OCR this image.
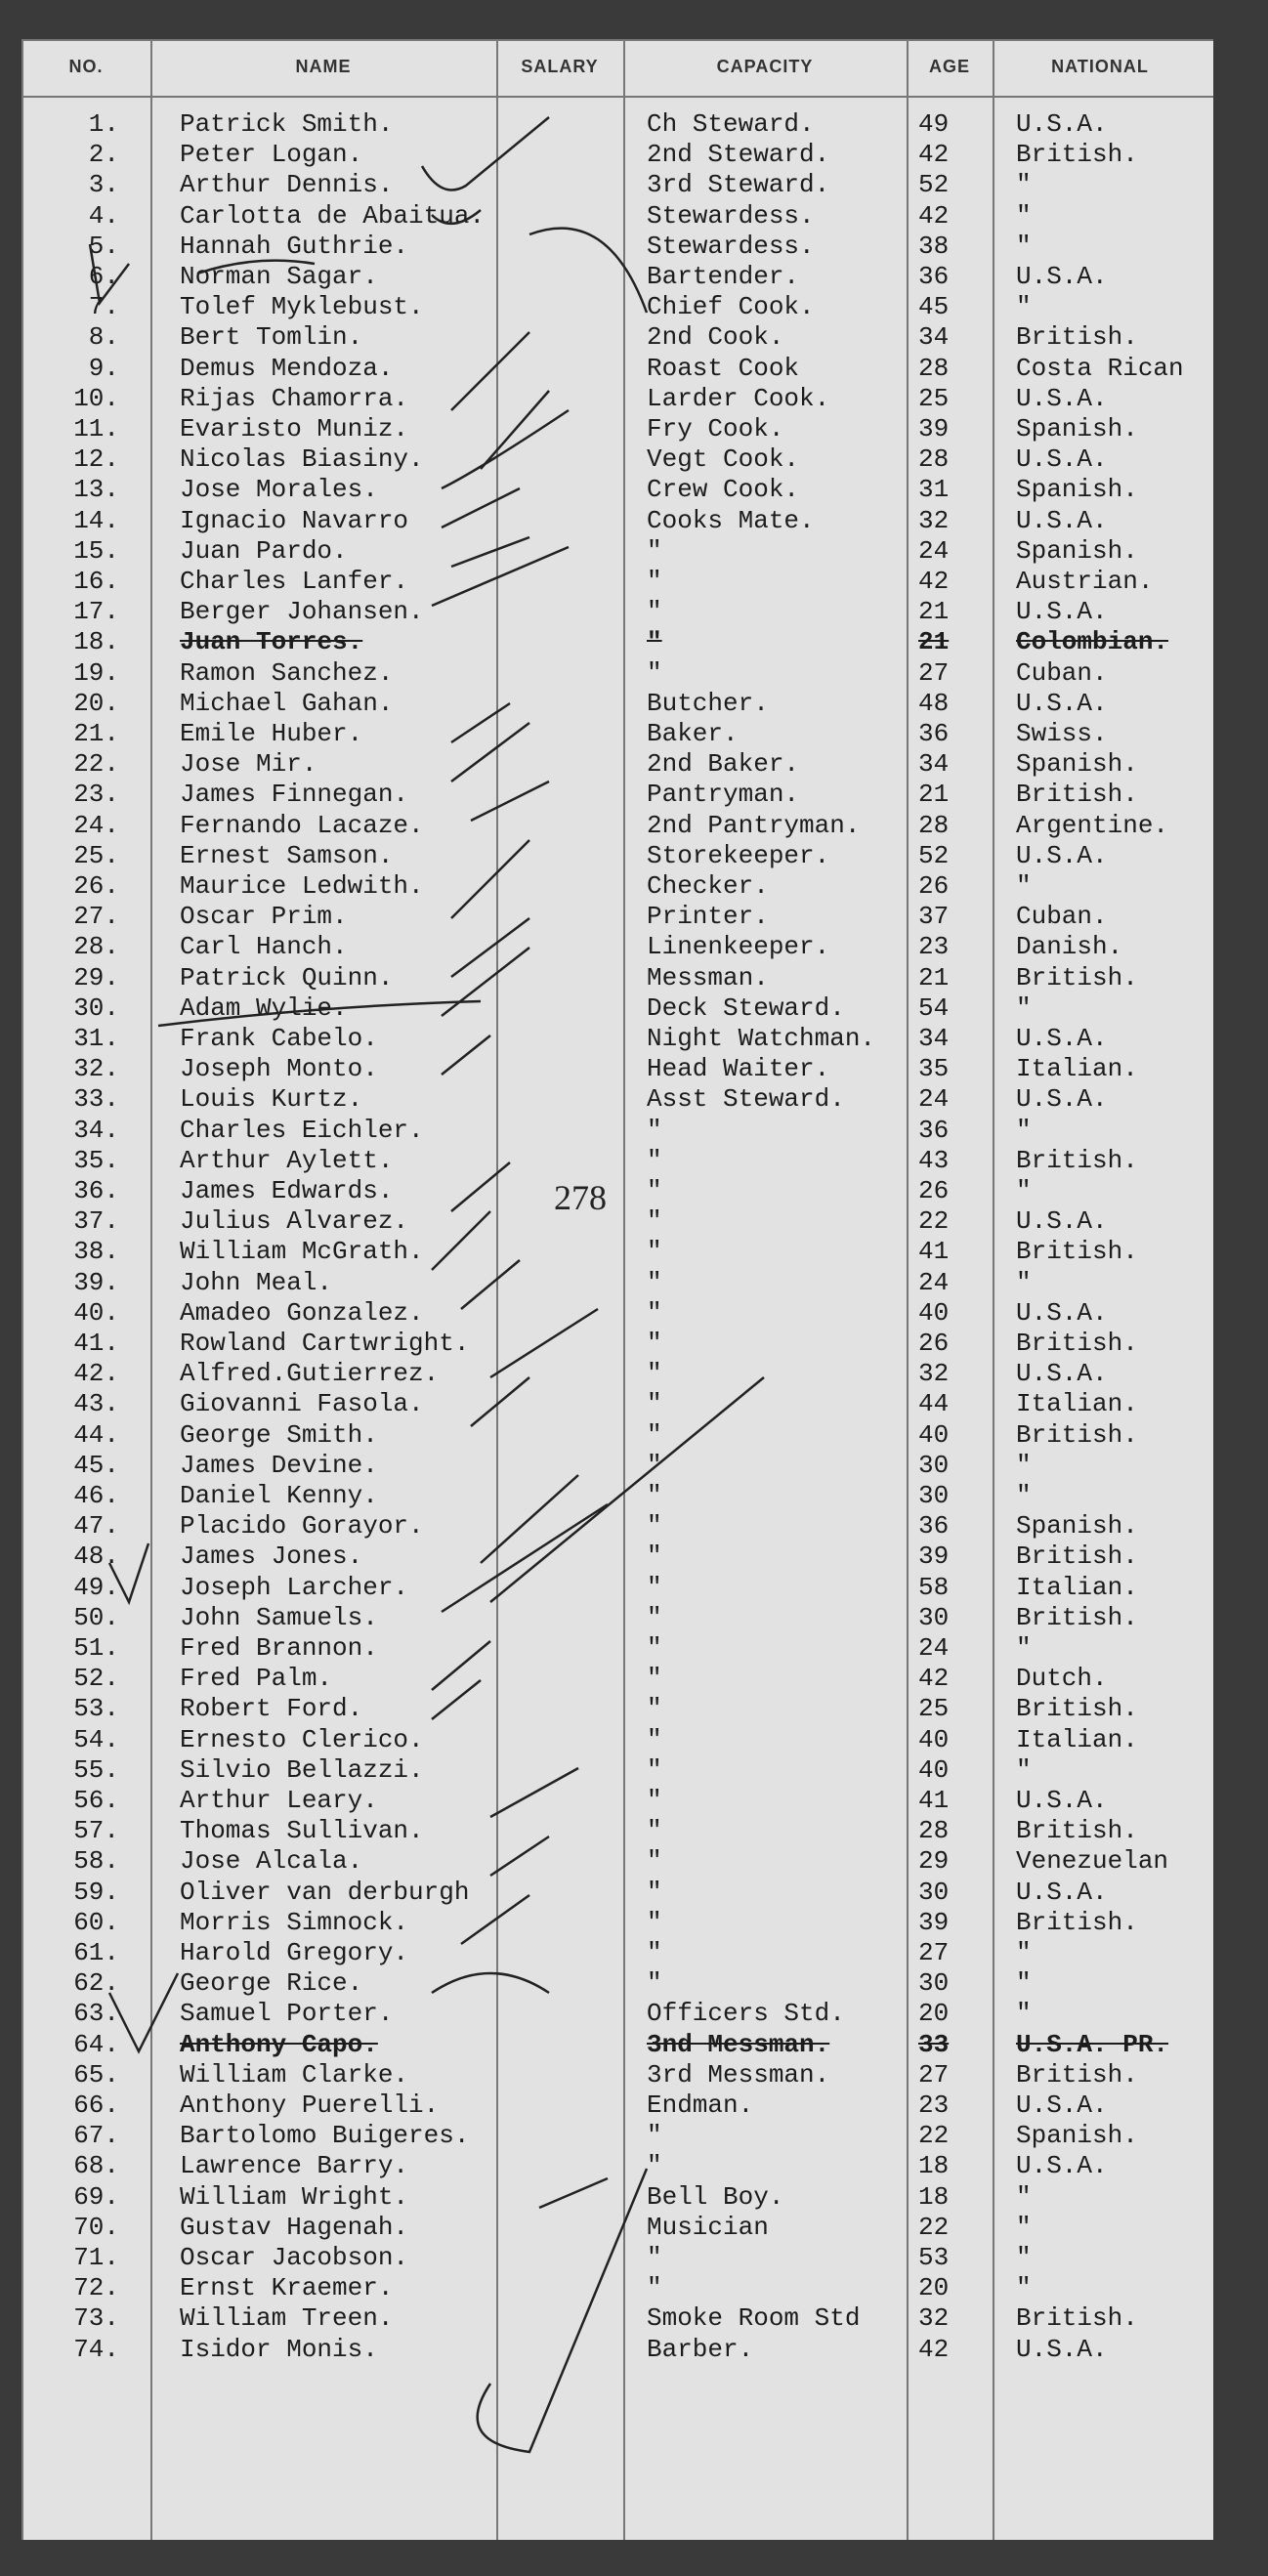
NO.	NAME	SALARY	CAPACITY	AGE	NATIONAL
1. Patrick Smith.	Ch Steward.	49	U.S.A.
2. Peter Logan.	2nd Steward.	42	British.
3. Arthur Dennis.	3rd Steward.	52	"
4. Carlotta de Abaitua.	Stewardess.	42	"
5. Hannah Guthrie.	Stewardess.	38	"
6. Norman Sagar.	Bartender.	36	U.S.A.
7. Tolef Myklebust.	Chief Cook.	45	"
8. Bert Tomlin.	2nd Cook.	34	British.
9. Demus Mendoza.	Roast Cook	28	Costa Rican
10. Rijas Chamorra.	Larder Cook.	25	U.S.A.
11. Evaristo Muniz.	Fry Cook.	39	Spanish.
12. Nicolas Biasiny.	Vegt Cook.	28	U.S.A.
13. Jose Morales.	Crew Cook.	31	Spanish.
14. Ignacio Navarro	Cooks Mate.	32	U.S.A.
15. Juan Pardo.	"	24	Spanish.
16. Charles Lanfer.	"	42	Austrian.
17. Berger Johansen.	"	21	U.S.A.
18. Juan Torres.	"	21	Colombian.
19. Ramon Sanchez.	"	27	Cuban.
20. Michael Gahan.	Butcher.	48	U.S.A.
21. Emile Huber.	Baker.	36	Swiss.
22. Jose Mir.	2nd Baker.	34	Spanish.
23. James Finnegan.	Pantryman.	21	British.
24. Fernando Lacaze.	2nd Pantryman. 28	Argentine.
25. Ernest Samson.	Storekeeper.	52	U.S.A.
26. Maurice Ledwith.	Checker.	26	"
27. Oscar Prim.	Printer.	37	Cuban.
28. Carl Hanch.	Linenkeeper.	23	Danish.
29. Patrick Quinn.	Messman.	21	British.
30. Adam Wylie.	Deck Steward.	54	"
31. Frank Cabelo.	Night Watchman. 34	U.S.A.
32. Joseph Monto.	Head Waiter.	35	Italian.
33. Louis Kurtz.	Asst Steward.	24	U.S.A.
34. Charles Eichler.	"	36	"
35. Arthur Aylett.	"	43	British.
36. James Edwards.	"	26	"
37. Julius Alvarez.	"	22	U.S.A.
38. William McGrath.	"	41	British.
39. John Meal.	"	24	"
40. Amadeo Gonzalez.	"	40	U.S.A.
41. Rowland Cartwright.	"	26	British.
42. Alfred.Gutierrez.	"	32	U.S.A.
43. Giovanni Fasola.	"	44	Italian.
44. George Smith.	"	40	British.
45. James Devine.	"	30	"
46. Daniel Kenny.	"	30	"
47. Placido Gorayor.	"	36	Spanish.
48. James Jones.	"	39	British.
49. Joseph Larcher.	"	58	Italian.
50. John Samuels.	"	30	British.
51. Fred Brannon.	"	24	"
52. Fred Palm.	"	42	Dutch.
53. Robert Ford.	"	25	British.
54. Ernesto Clerico.	"	40	Italian.
55. Silvio Bellazzi.	"	40	"
56. Arthur Leary.	"	41	U.S.A.
57. Thomas Sullivan.	"	28	British.
58. Jose Alcala.	"	29	Venezuelan
59. Oliver van derburgh	"	30	U.S.A.
60. Morris Simnock.	"	39	British.
61. Harold Gregory.	"	27	"
62. George Rice.	"	30	"
63. Samuel Porter.	Officers Std.	20	"
64. Anthony Capo.	3nd Messman.	33	U.S.A. PR.
65. William Clarke.	3rd Messman.	27	British.
66. Anthony Puerelli.	Endman.	23	U.S.A.
67. Bartolomo Buigeres.	"	22	Spanish.
68. Lawrence Barry.	"	18	U.S.A.
69. William Wright.	Bell Boy.	18	"
70. Gustav Hagenah.	Musician	22	"
71. Oscar Jacobson.	"	53	"
72. Ernst Kraemer.	"	20	"
73. William Treen.	Smoke Room Std 32	British.
74. Isidor Monis.	Barber.	42	U.S.A.
278
